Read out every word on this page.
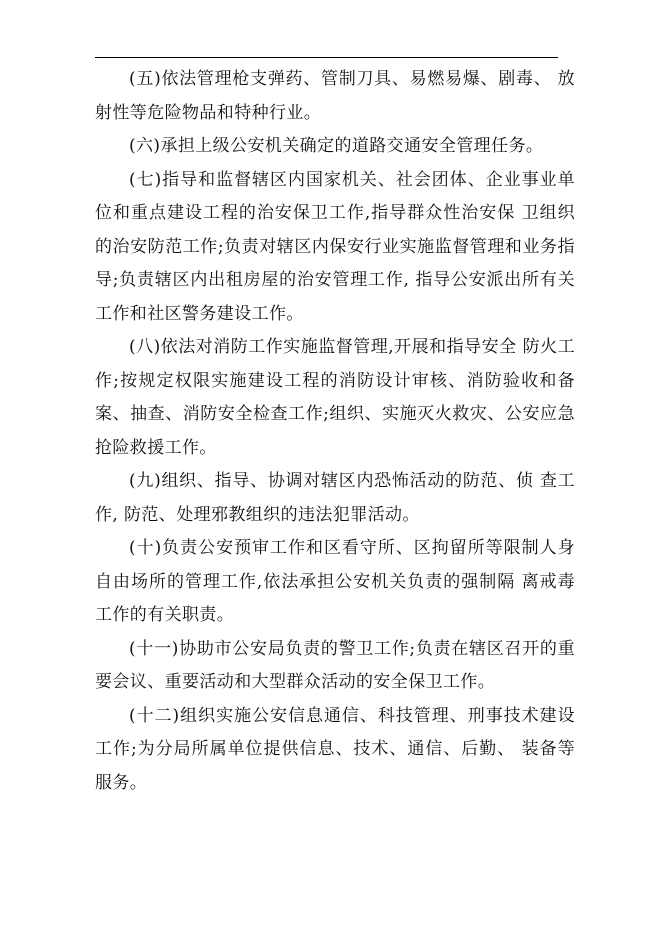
(五)依法管理枪支弹药、管制刀具、易燃易爆、剧毒、 放射性等危险物品和特种行业。

(六)承担上级公安机关确定的道路交通安全管理任务。

(七)指导和监督辖区内国家机关、社会团体、企业事业单位和重点建设工程的治安保卫工作,指导群众性治安保 卫组织的治安防范工作;负责对辖区内保安行业实施监督管理和业务指导;负责辖区内出租房屋的治安管理工作, 指导公安派出所有关工作和社区警务建设工作。

(八)依法对消防工作实施监督管理,开展和指导安全 防火工作;按规定权限实施建设工程的消防设计审核、消防验收和备案、抽查、消防安全检查工作;组织、实施灭火救灾、公安应急抢险救援工作。

(九)组织、指导、协调对辖区内恐怖活动的防范、侦 查工作, 防范、处理邪教组织的违法犯罪活动。

(十)负责公安预审工作和区看守所、区拘留所等限制人身自由场所的管理工作,依法承担公安机关负责的强制隔 离戒毒工作的有关职责。

(十一)协助市公安局负责的警卫工作;负责在辖区召开的重要会议、重要活动和大型群众活动的安全保卫工作。

(十二)组织实施公安信息通信、科技管理、刑事技术建设工作;为分局所属单位提供信息、技术、通信、后勤、 装备等服务。
